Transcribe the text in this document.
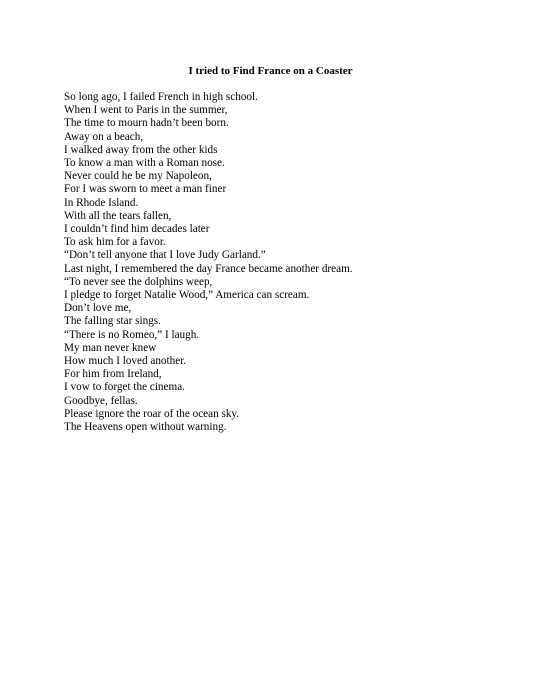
I tried to Find France on a Coaster
So long ago, I failed French in high school.
When I went to Paris in the summer,
The time to mourn hadn’t been born.
Away on a beach,
I walked away from the other kids
To know a man with a Roman nose.
Never could he be my Napoleon,
For I was sworn to meet a man finer
In Rhode Island.
With all the tears fallen,
I couldn’t find him decades later
To ask him for a favor.
“Don’t tell anyone that I love Judy Garland.”
Last night, I remembered the day France became another dream.
“To never see the dolphins weep,
I pledge to forget Natalie Wood,” America can scream.
Don’t love me,
The falling star sings.
“There is no Romeo,” I laugh.
My man never knew
How much I loved another.
For him from Ireland,
I vow to forget the cinema.
Goodbye, fellas.
Please ignore the roar of the ocean sky.
The Heavens open without warning.
